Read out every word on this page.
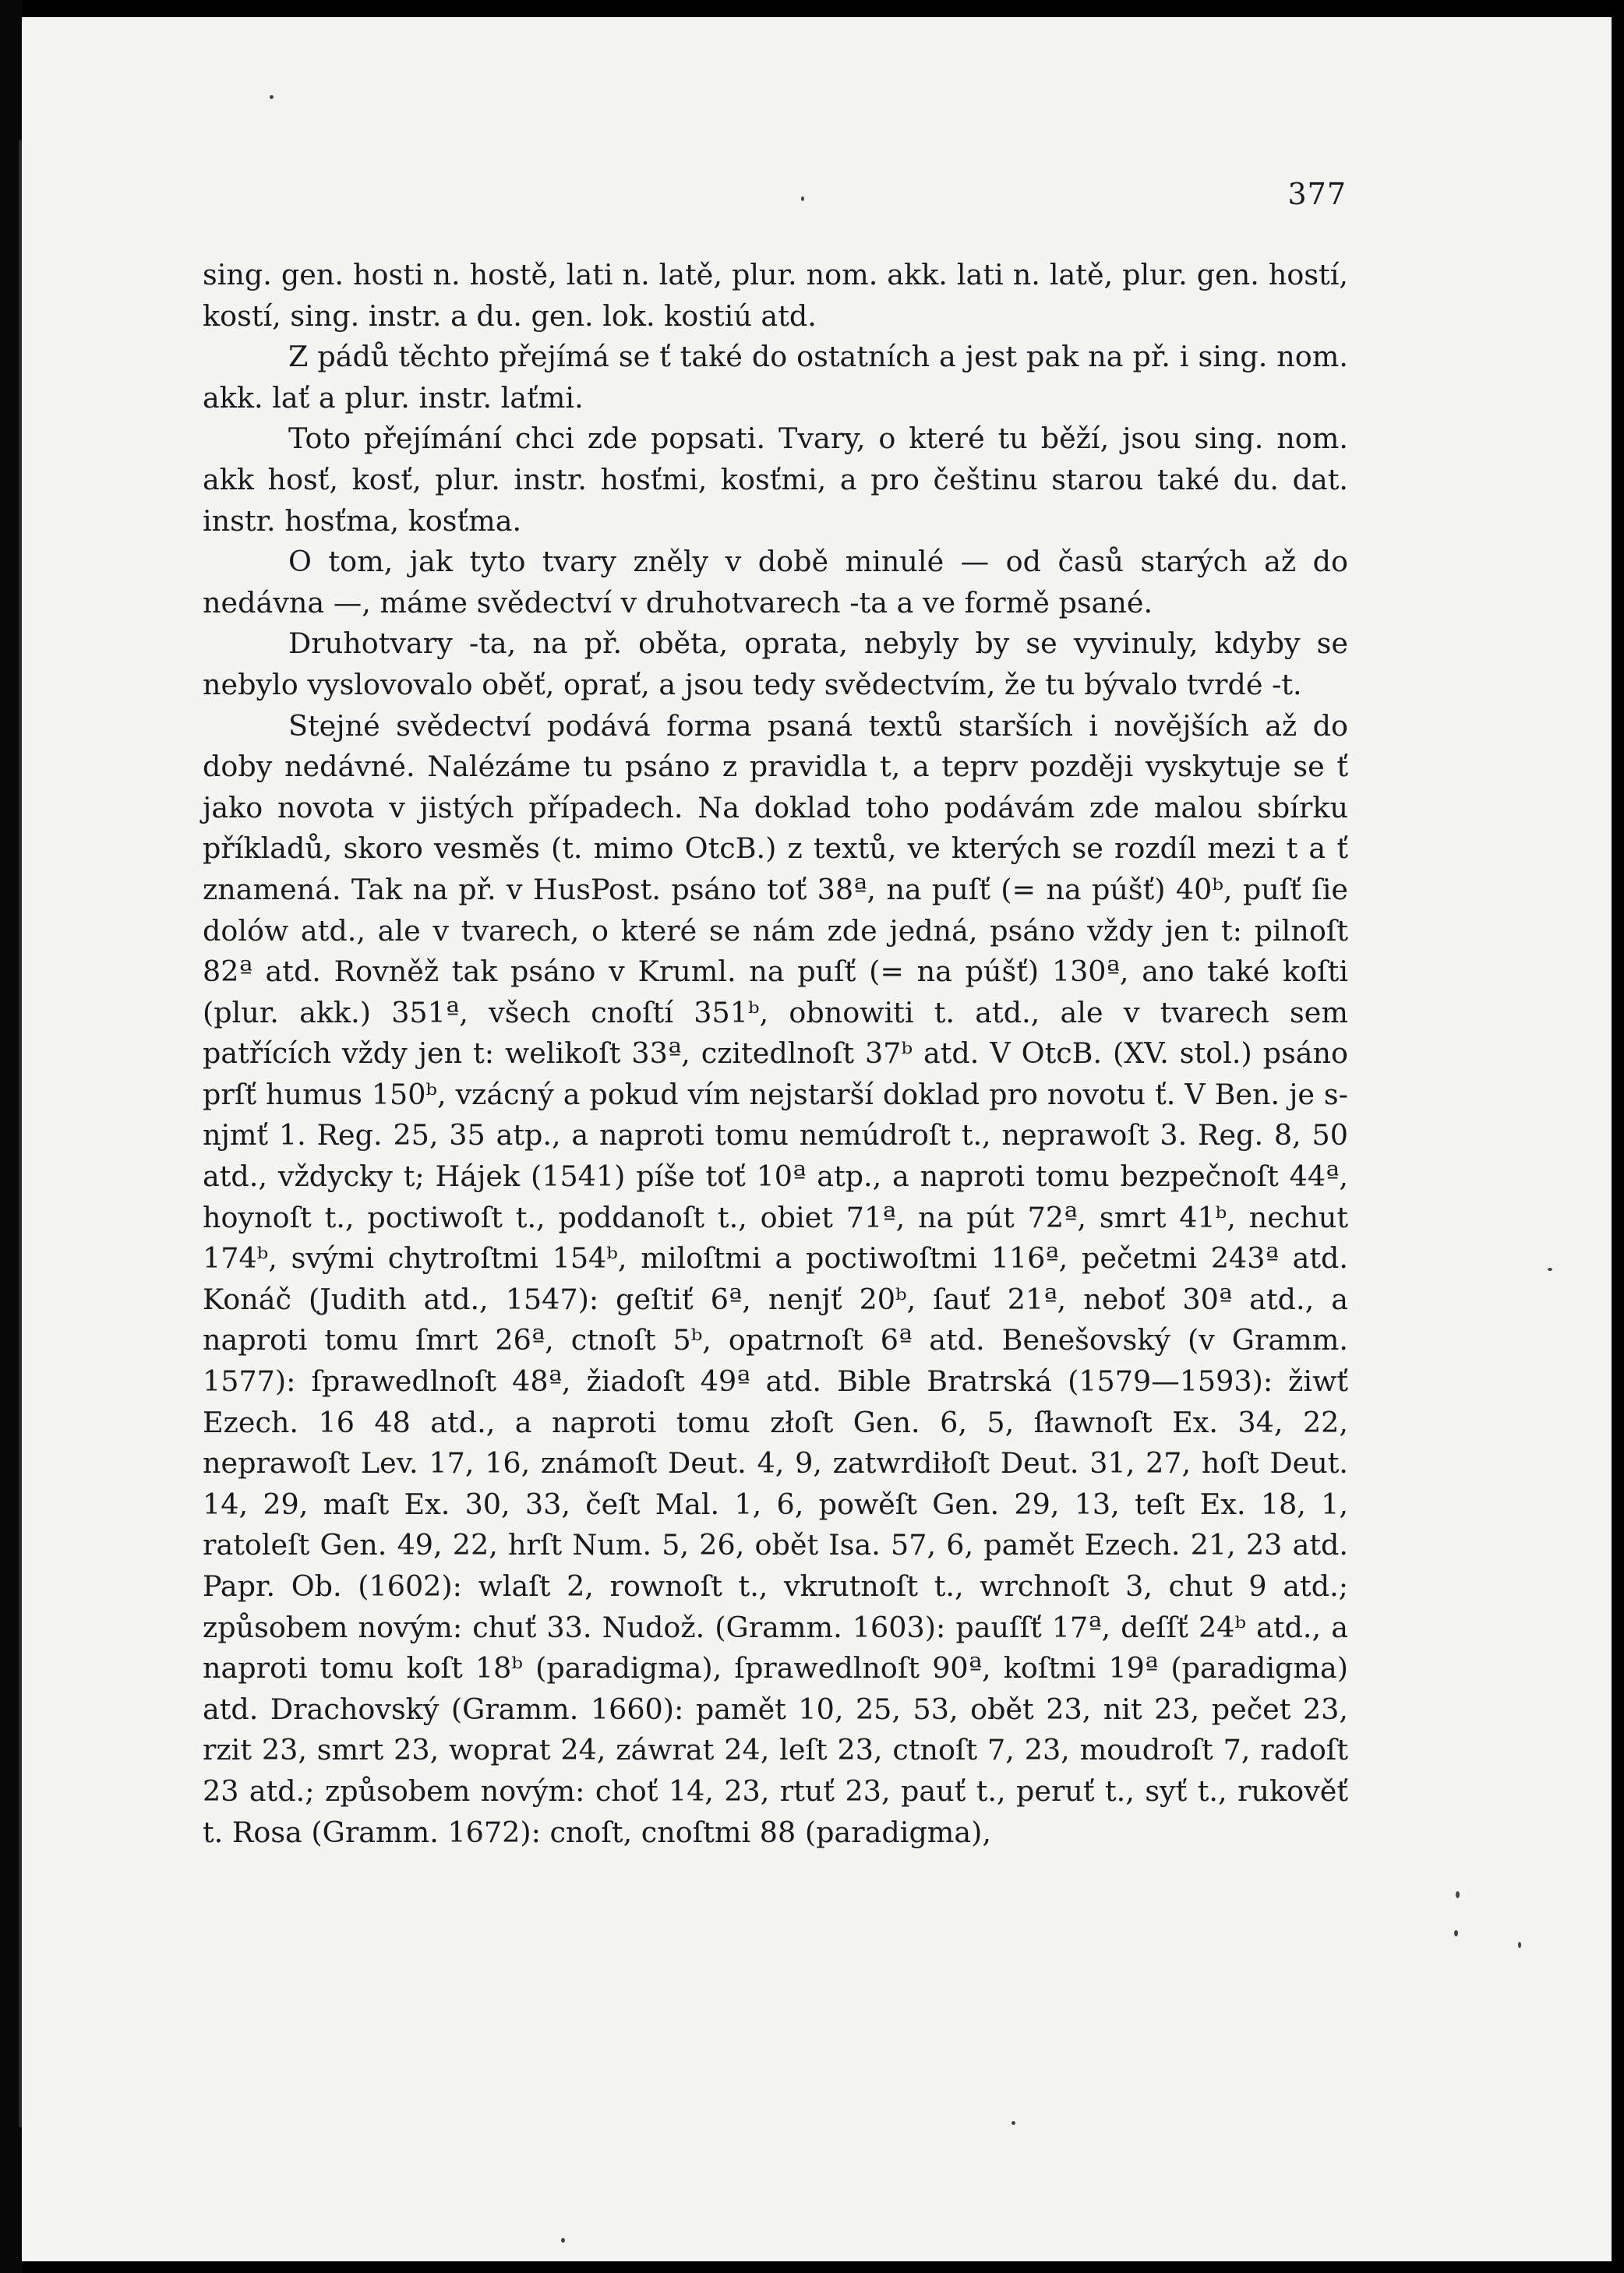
377

sing. gen. hosti n. hostě, lati n. latě, plur. nom. akk. lati n. latě, plur. gen. hostí, kostí, sing. instr. a du. gen. lok. kostiú atd.

Z pádů těchto přejímá se ť také do ostatních a jest pak na př. i sing. nom. akk. lať a plur. instr. laťmi.

Toto přejímání chci zde popsati. Tvary, o které tu běží, jsou sing. nom. akk hosť, kosť, plur. instr. hosťmi, kosťmi, a pro češtinu starou také du. dat. instr. hosťma, kosťma.

O tom, jak tyto tvary zněly v době minulé — od časů starých až do nedávna —, máme svědectví v druhotvarech -ta a ve formě psané.

Druhotvary -ta, na př. oběta, oprata, nebyly by se vyvinuly, kdyby se nebylo vyslovovalo oběť, oprať, a jsou tedy svědectvím, že tu bývalo tvrdé -t.

Stejné svědectví podává forma psaná textů starších i novějších až do doby nedávné. Nalézáme tu psáno z pravidla t, a teprv později vyskytuje se ť jako novota v jistých případech. Na doklad toho podávám zde malou sbírku příkladů, skoro vesměs (t. mimo OtcB.) z textů, ve kterých se rozdíl mezi t a ť znamená. Tak na př. v HusPost. psáno toť 38ª, na puſť (= na púšť) 40ᵇ, puſť ſie dolów atd., ale v tvarech, o které se nám zde jedná, psáno vždy jen t: pilnoſt 82ª atd. Rovněž tak psáno v Kruml. na puſť (= na púšť) 130ª, ano také koſti (plur. akk.) 351ª, všech cnoſtí 351ᵇ, obnowiti t. atd., ale v tvarech sem patřících vždy jen t: welikoſt 33ª, czitedlnoſt 37ᵇ atd. V OtcB. (XV. stol.) psáno prſť humus 150ᵇ, vzácný a pokud vím nejstarší doklad pro novotu ť. V Ben. je s-njmť 1. Reg. 25, 35 atp., a naproti tomu nemúdroſt t., neprawoſt 3. Reg. 8, 50 atd., vždycky t; Hájek (1541) píše toť 10ª atp., a naproti tomu bezpečnoſt 44ª, hoynoſt t., poctiwoſt t., poddanoſt t., obiet 71ª, na pút 72ª, smrt 41ᵇ, nechut 174ᵇ, svými chytroſtmi 154ᵇ, miloſtmi a poctiwoſtmi 116ª, pečetmi 243ª atd. Konáč (Judith atd., 1547): geſtiť 6ª, nenjť 20ᵇ, ſauť 21ª, neboť 30ª atd., a naproti tomu ſmrt 26ª, ctnoſt 5ᵇ, opatrnoſt 6ª atd. Benešovský (v Gramm. 1577): ſprawedlnoſt 48ª, žiadoſt 49ª atd. Bible Bratrská (1579—1593): žiwť Ezech. 16 48 atd., a naproti tomu złoſt Gen. 6, 5, ſławnoſt Ex. 34, 22, neprawoſt Lev. 17, 16, známoſt Deut. 4, 9, zatwrdiłoſt Deut. 31, 27, hoſt Deut. 14, 29, maſt Ex. 30, 33, čeſt Mal. 1, 6, powěſt Gen. 29, 13, teſt Ex. 18, 1, ratoleſt Gen. 49, 22, hrſt Num. 5, 26, obět Isa. 57, 6, pamět Ezech. 21, 23 atd. Papr. Ob. (1602): wlaſt 2, rownoſt t., vkrutnoſt t., wrchnoſt 3, chut 9 atd.; způsobem novým: chuť 33. Nudož. (Gramm. 1603): pauſſť 17ª, deſſť 24ᵇ atd., a naproti tomu koſt 18ᵇ (paradigma), ſprawedlnoſt 90ª, koſtmi 19ª (paradigma) atd. Drachovský (Gramm. 1660): pamět 10, 25, 53, obět 23, nit 23, pečet 23, rzit 23, smrt 23, woprat 24, záwrat 24, leſt 23, ctnoſt 7, 23, moudroſt 7, radoſt 23 atd.; způsobem novým: choť 14, 23, rtuť 23, pauť t., peruť t., syť t., rukověť t. Rosa (Gramm. 1672): cnoſt, cnoſtmi 88 (paradigma),
